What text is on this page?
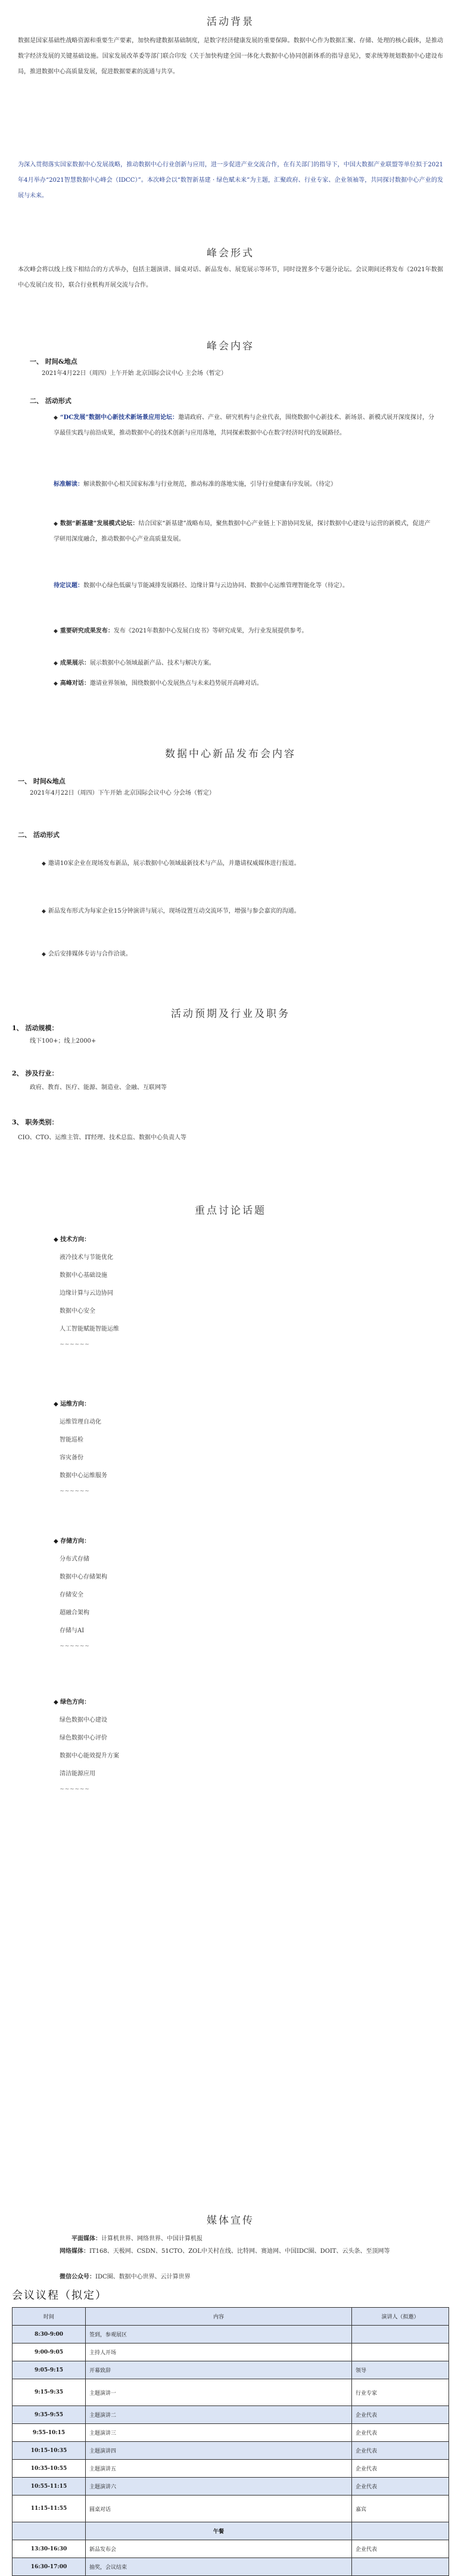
活动背景
数据是国家基础性战略资源和重要生产要素，加快构建数据基础制度，是数字经济健康发展的重要保障。数据中心作为数据汇聚、存储、处理的核心载体，是推动数字经济发展的关键基础设施。国家发展改革委等部门联合印发《关于加快构建全国一体化大数据中心协同创新体系的指导意见》，要求统筹规划数据中心建设布局，推进数据中心高质量发展，促进数据要素的流通与共享。
为深入贯彻落实国家数据中心发展战略，推动数据中心行业创新与应用，进一步促进产业交流合作，在有关部门的指导下，中国大数据产业联盟等单位拟于2021年4月举办“2021智慧数据中心峰会（IDCC）”。本次峰会以“数智新基建 · 绿色赋未来”为主题，汇聚政府、行业专家、企业领袖等，共同探讨数据中心产业的发展与未来。
峰会形式
本次峰会将以线上线下相结合的方式举办，包括主题演讲、圆桌对话、新品发布、展览展示等环节，同时设置多个专题分论坛。会议期间还将发布《2021年数据中心发展白皮书》，联合行业机构开展交流与合作。
峰会内容
一、 时间&地点
2021年4月22日（周四）上午开始 北京国际会议中心 主会场（暂定）
二、 活动形式
◆ “DC发展”数据中心新技术新场景应用论坛：邀请政府、产业、研究机构与企业代表，围绕数据中心新技术、新场景、新模式展开深度探讨，分享最佳实践与前沿成果，推动数据中心的技术创新与应用落地，共同探索数据中心在数字经济时代的发展路径。
标准解读：解读数据中心相关国家标准与行业规范，推动标准的落地实施，引导行业健康有序发展。（待定）
◆ 数据“新基建”发展模式论坛：结合国家“新基建”战略布局，聚焦数据中心产业链上下游协同发展，探讨数据中心建设与运营的新模式，促进产学研用深度融合，推动数据中心产业高质量发展。
待定议题：数据中心绿色低碳与节能减排发展路径、边缘计算与云边协同、数据中心运维管理智能化等（待定）。
◆ 重要研究成果发布：发布《2021年数据中心发展白皮书》等研究成果，为行业发展提供参考。
◆ 成果展示：展示数据中心领域最新产品、技术与解决方案。
◆ 高峰对话：邀请业界领袖，围绕数据中心发展热点与未来趋势展开高峰对话。
数据中心新品发布会内容
一、 时间&地点
2021年4月22日（周四）下午开始 北京国际会议中心 分会场（暂定）
二、 活动形式
◆ 邀请10家企业在现场发布新品，展示数据中心领域最新技术与产品，并邀请权威媒体进行报道。
◆ 新品发布形式为每家企业15分钟演讲与展示，现场设置互动交流环节，增强与参会嘉宾的沟通。
◆ 会后安排媒体专访与合作洽谈。
活动预期及行业及职务
1、 活动规模：
线下100+；线上2000+
2、 涉及行业：
政府、教育、医疗、能源、制造业、金融、互联网等
3、 职务类别：
CIO、CTO、运维主管、IT经理、技术总监、数据中心负责人等
重点讨论话题
◆ 技术方向：
液冷技术与节能优化
数据中心基础设施
边缘计算与云边协同
数据中心安全
人工智能赋能智能运维
~~~~~~
◆ 运维方向：
运维管理自动化
智能巡检
容灾备份
数据中心运维服务
~~~~~~
◆ 存储方向：
分布式存储
数据中心存储架构
存储安全
超融合架构
存储与AI
~~~~~~
◆ 绿色方向：
绿色数据中心建设
绿色数据中心评价
数据中心能效提升方案
清洁能源应用
~~~~~~
媒体宣传
平面媒体：计算机世界、网络世界、中国计算机报
网络媒体：IT168、天极网、CSDN、51CTO、ZOL中关村在线、比特网、赛迪网、中国IDC圈、DOIT、云头条、至顶网等
微信公众号：IDC圈、数据中心世界、云计算世界
会议议程（拟定）
时间	内容	演讲人（拟邀）
8:30-9:00	签到，参观展区	
9:00-9:05	主持人开场	
9:05-9:15	开幕致辞	领导
9:15-9:35	主题演讲一	行业专家
9:35-9:55	主题演讲二	企业代表
9:55-10:15	主题演讲三	企业代表
10:15-10:35	主题演讲四	企业代表
10:35-10:55	主题演讲五	企业代表
10:55-11:15	主题演讲六	企业代表
11:15-11:55	圆桌对话	嘉宾
	午餐	
13:30-16:30	新品发布会	企业代表
16:30-17:00	抽奖，会议结束	
